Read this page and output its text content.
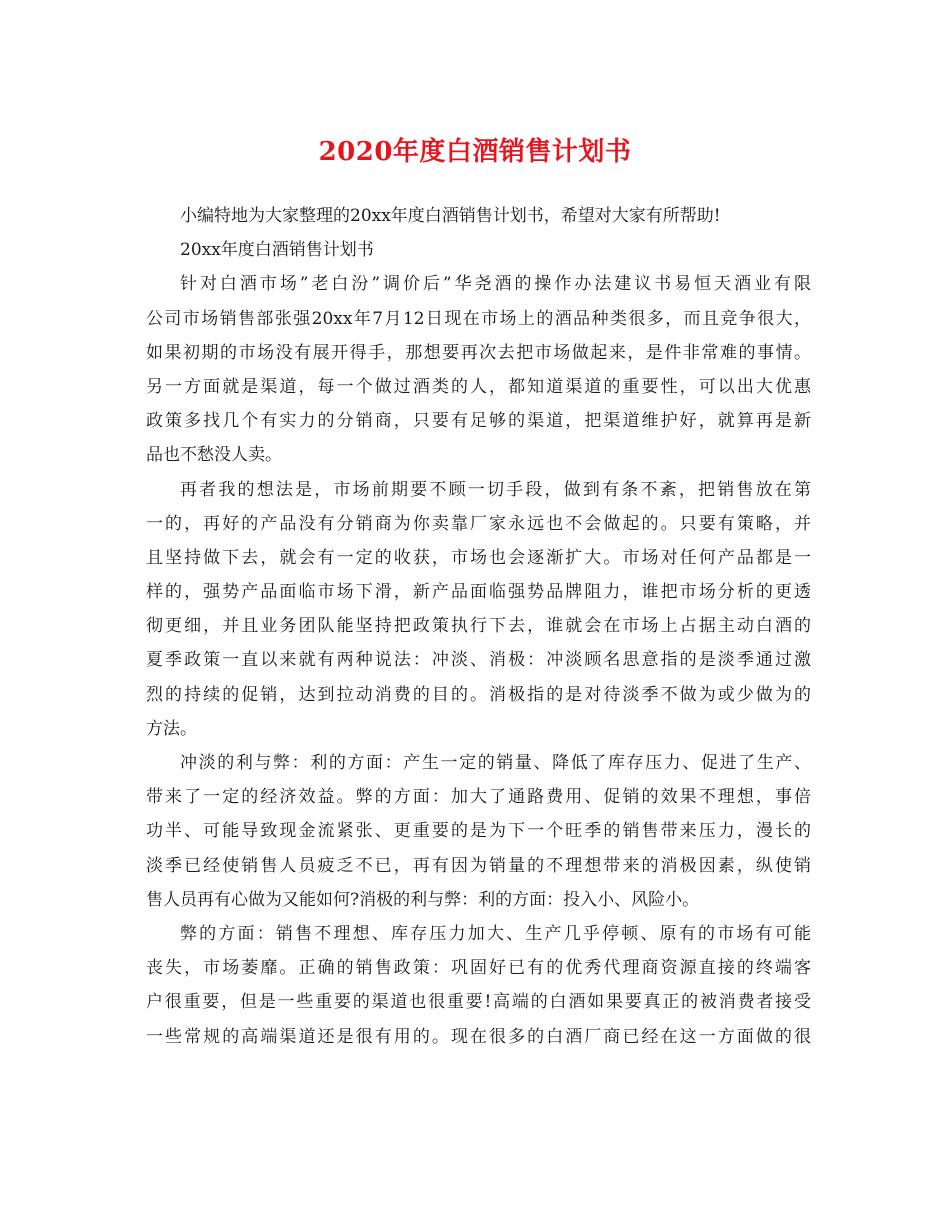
2020年度白酒销售计划书
小编特地为大家整理的20xx年度白酒销售计划书，希望对大家有所帮助!
20xx年度白酒销售计划书
针对白酒市场”老白汾”调价后”华尧酒的操作办法建议书易恒天酒业有限
公司市场销售部张强20xx年7月12日现在市场上的酒品种类很多，而且竞争很大，
如果初期的市场没有展开得手，那想要再次去把市场做起来，是件非常难的事情。
另一方面就是渠道，每一个做过酒类的人，都知道渠道的重要性，可以出大优惠
政策多找几个有实力的分销商，只要有足够的渠道，把渠道维护好，就算再是新
品也不愁没人卖。
再者我的想法是，市场前期要不顾一切手段，做到有条不紊，把销售放在第
一的，再好的产品没有分销商为你卖靠厂家永远也不会做起的。只要有策略，并
且坚持做下去，就会有一定的收获，市场也会逐渐扩大。市场对任何产品都是一
样的，强势产品面临市场下滑，新产品面临强势品牌阻力，谁把市场分析的更透
彻更细，并且业务团队能坚持把政策执行下去，谁就会在市场上占据主动白酒的
夏季政策一直以来就有两种说法：冲淡、消极：冲淡顾名思意指的是淡季通过激
烈的持续的促销，达到拉动消费的目的。消极指的是对待淡季不做为或少做为的
方法。
冲淡的利与弊：利的方面：产生一定的销量、降低了库存压力、促进了生产、
带来了一定的经济效益。弊的方面：加大了通路费用、促销的效果不理想，事倍
功半、可能导致现金流紧张、更重要的是为下一个旺季的销售带来压力，漫长的
淡季已经使销售人员疲乏不已，再有因为销量的不理想带来的消极因素，纵使销
售人员再有心做为又能如何?消极的利与弊：利的方面：投入小、风险小。
弊的方面：销售不理想、库存压力加大、生产几乎停顿、原有的市场有可能
丧失，市场萎靡。正确的销售政策：巩固好已有的优秀代理商资源直接的终端客
户很重要，但是一些重要的渠道也很重要!高端的白酒如果要真正的被消费者接受
一些常规的高端渠道还是很有用的。现在很多的白酒厂商已经在这一方面做的很
